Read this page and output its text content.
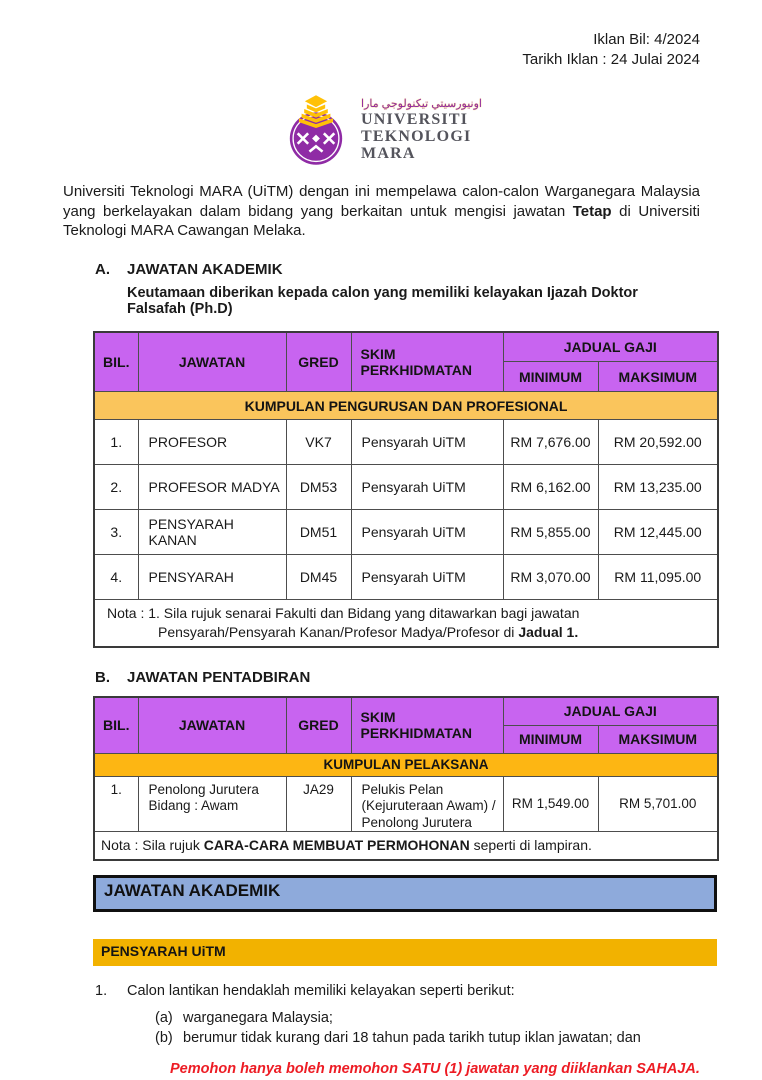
Iklan Bil: 4/2024
Tarikh Iklan : 24 Julai 2024
اونيورسيتي تيكنولوجي مارا
UNIVERSITI
TEKNOLOGI
MARA

Universiti Teknologi MARA (UiTM) dengan ini mempelawa calon-calon Warganegara Malaysia yang berkelayakan dalam bidang yang berkaitan untuk mengisi jawatan Tetap di Universiti Teknologi MARA Cawangan Melaka.

A.	JAWATAN AKADEMIK
Keutamaan diberikan kepada calon yang memiliki kelayakan Ijazah Doktor Falsafah (Ph.D)
BIL.	JAWATAN	GRED	SKIM PERKHIDMATAN	JADUAL GAJI	
				MINIMUM	MAKSIMUM
KUMPULAN PENGURUSAN DAN PROFESIONAL					
1.	PROFESOR	VK7	Pensyarah UiTM	RM 7,676.00	RM 20,592.00
2.	PROFESOR MADYA	DM53	Pensyarah UiTM	RM 6,162.00	RM 13,235.00
3.	PENSYARAH KANAN	DM51	Pensyarah UiTM	RM 5,855.00	RM 12,445.00
4.	PENSYARAH	DM45	Pensyarah UiTM	RM 3,070.00	RM 11,095.00

Nota : 1. Sila rujuk senarai Fakulti dan Bidang yang ditawarkan bagi jawatan Pensyarah/Pensyarah Kanan/Profesor Madya/Profesor di Jadual 1.					
B.	JAWATAN PENTADBIRAN
BIL.	JAWATAN	GRED	SKIM PERKHIDMATAN	JADUAL GAJI	
				MINIMUM	MAKSIMUM
KUMPULAN PELAKSANA					
1.	Penolong Jurutera
Bidang : Awam	JA29	Pelukis Pelan (Kejuruteraan Awam) / Penolong Jurutera	RM 1,549.00	RM 5,701.00

Nota : Sila rujuk CARA-CARA MEMBUAT PERMOHONAN seperti di lampiran.					
JAWATAN AKADEMIK
PENSYARAH UiTM
1.	Calon lantikan hendaklah memiliki kelayakan seperti berikut:
(a) warganegara Malaysia;
(b) berumur tidak kurang dari 18 tahun pada tarikh tutup iklan jawatan; dan
Pemohon hanya boleh memohon SATU (1) jawatan yang diiklankan SAHAJA.
